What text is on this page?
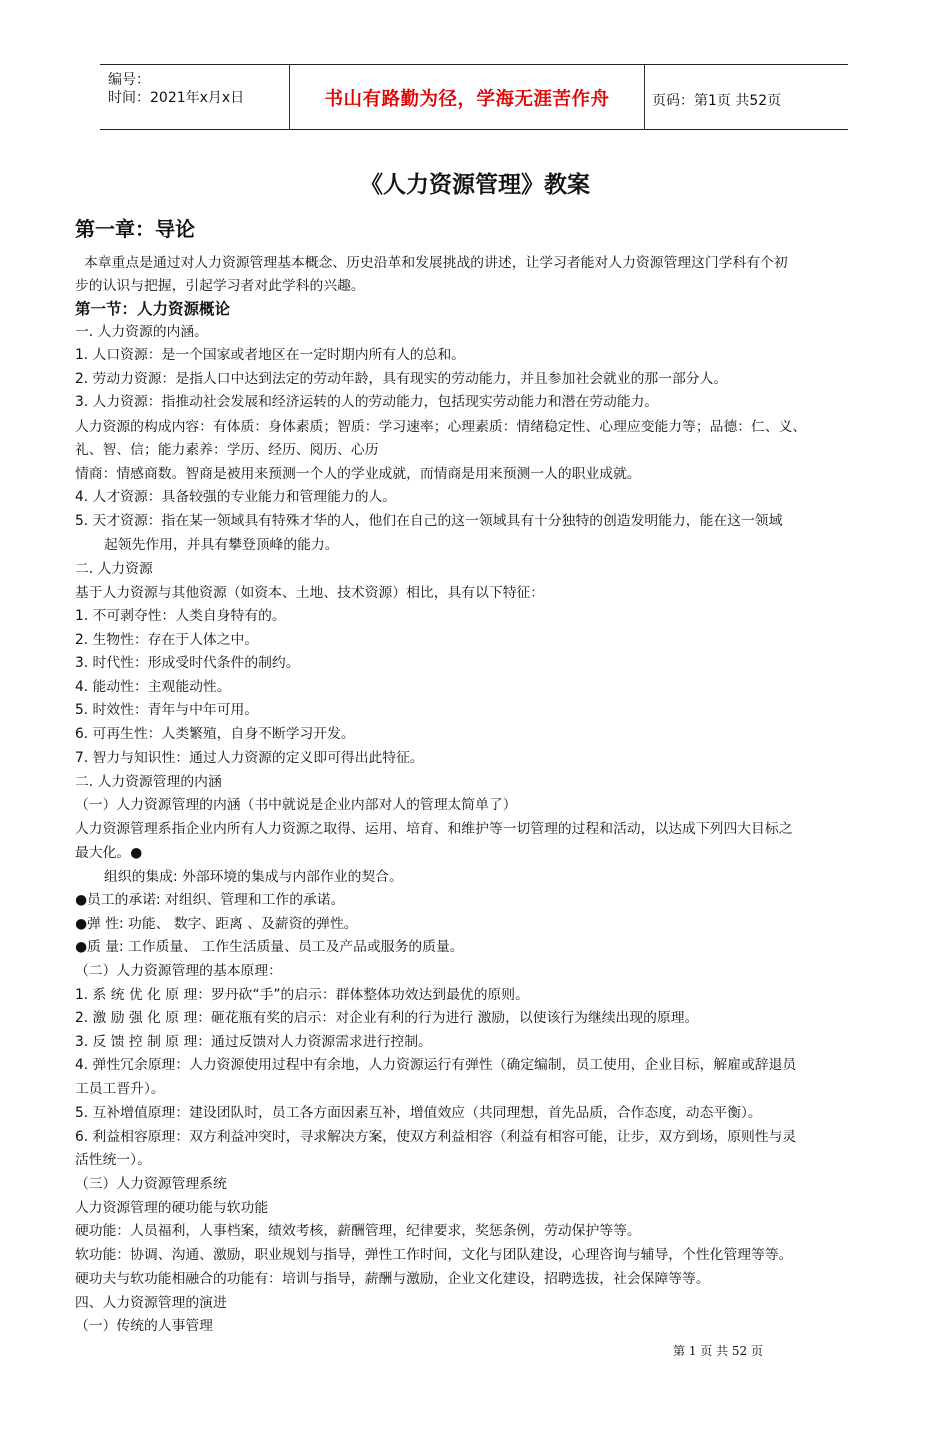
编号：
时间：2021年x月x日	书山有路勤为径，学海无涯苦作舟	页码：第1页 共52页
《人力资源管理》教案
第一章：导论
本章重点是通过对人力资源管理基本概念、历史沿革和发展挑战的讲述，让学习者能对人力资源管理这门学科有个初
步的认识与把握，引起学习者对此学科的兴趣。
第一节：人力资源概论
一. 人力资源的内涵。
1. 人口资源：是一个国家或者地区在一定时期内所有人的总和。
2. 劳动力资源：是指人口中达到法定的劳动年龄，具有现实的劳动能力，并且参加社会就业的那一部分人。
3. 人力资源：指推动社会发展和经济运转的人的劳动能力，包括现实劳动能力和潜在劳动能力。
人力资源的构成内容：有体质：身体素质；智质：学习速率；心理素质：情绪稳定性、心理应变能力等；品德：仁、义、
礼、智、信；能力素养：学历、经历、阅历、心历
情商：情感商数。智商是被用来预测一个人的学业成就，而情商是用来预测一人的职业成就。
4. 人才资源：具备较强的专业能力和管理能力的人。
5. 天才资源：指在某一领域具有特殊才华的人，他们在自己的这一领域具有十分独特的创造发明能力，能在这一领域
起领先作用，并具有攀登顶峰的能力。
二. 人力资源
基于人力资源与其他资源（如资本、土地、技术资源）相比，具有以下特征：
1. 不可剥夺性：人类自身特有的。
2. 生物性：存在于人体之中。
3. 时代性：形成受时代条件的制约。
4. 能动性：主观能动性。
5. 时效性：青年与中年可用。
6. 可再生性：人类繁殖，自身不断学习开发。
7. 智力与知识性：通过人力资源的定义即可得出此特征。
二. 人力资源管理的内涵
（一）人力资源管理的内涵（书中就说是企业内部对人的管理太简单了）
人力资源管理系指企业内所有人力资源之取得、运用、培育、和维护等一切管理的过程和活动，以达成下列四大目标之
最大化。●
组织的集成: 外部环境的集成与内部作业的契合。
●员工的承诺: 对组织、管理和工作的承诺。
●弹 性: 功能、 数字、距离 、及薪资的弹性。
●质 量: 工作质量、 工作生活质量、员工及产品或服务的质量。
（二）人力资源管理的基本原理：
1. 系 统 优 化 原 理：罗丹砍“手”的启示：群体整体功效达到最优的原则。
2. 激 励 强 化 原 理：砸花瓶有奖的启示：对企业有利的行为进行 激励，以使该行为继续出现的原理。
3. 反 馈 控 制 原 理：通过反馈对人力资源需求进行控制。
4. 弹性冗余原理：人力资源使用过程中有余地，人力资源运行有弹性（确定编制，员工使用，企业目标，解雇或辞退员
工员工晋升）。
5. 互补增值原理：建设团队时，员工各方面因素互补，增值效应（共同理想，首先品质，合作态度，动态平衡）。
6. 利益相容原理：双方利益冲突时，寻求解决方案，使双方利益相容（利益有相容可能，让步，双方到场，原则性与灵
活性统一）。
（三）人力资源管理系统
人力资源管理的硬功能与软功能
硬功能：人员福利，人事档案，绩效考核，薪酬管理，纪律要求，奖惩条例，劳动保护等等。
软功能：协调、沟通、激励，职业规划与指导，弹性工作时间，文化与团队建设，心理咨询与辅导，个性化管理等等。
硬功夫与软功能相融合的功能有：培训与指导，薪酬与激励，企业文化建设，招聘选拔，社会保障等等。
四、人力资源管理的演进
（一）传统的人事管理
第 1 页 共 52 页
